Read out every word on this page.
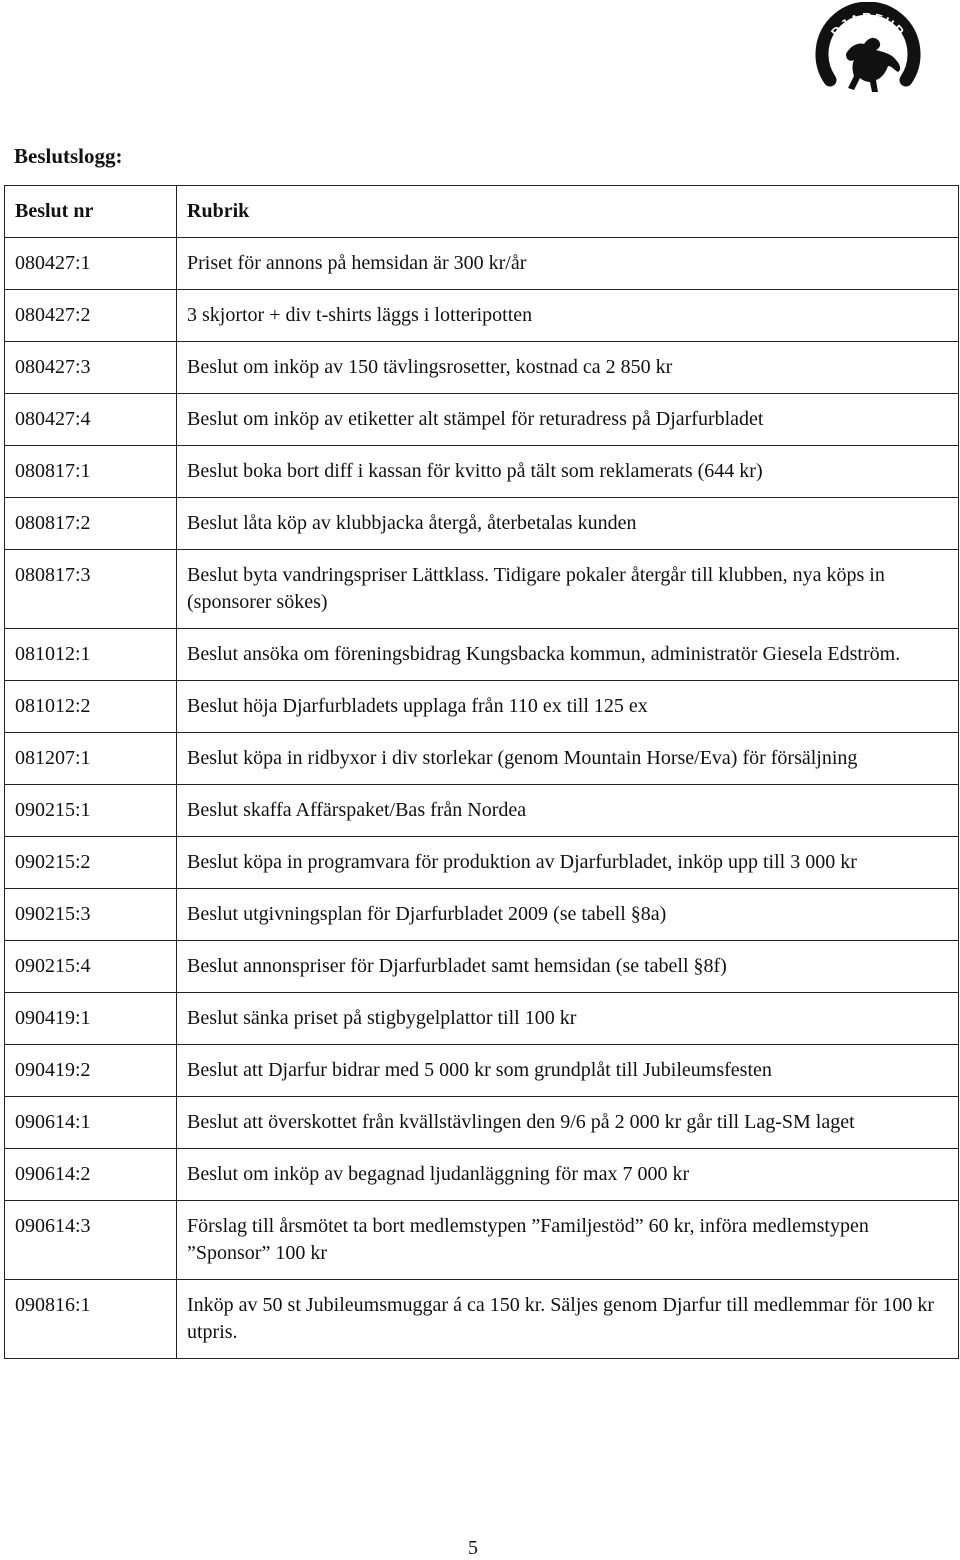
DJARFUR
Beslutslogg:
Beslut nr	Rubrik
080427:1	Priset för annons på hemsidan är 300 kr/år
080427:2	3 skjortor + div t-shirts läggs i lotteripotten
080427:3	Beslut om inköp av 150 tävlingsrosetter, kostnad ca 2 850 kr
080427:4	Beslut om inköp av etiketter alt stämpel för returadress på Djarfurbladet
080817:1	Beslut boka bort diff i kassan för kvitto på tält som reklamerats (644 kr)
080817:2	Beslut låta köp av klubbjacka återgå, återbetalas kunden
080817:3	Beslut byta vandringspriser Lättklass. Tidigare pokaler återgår till klubben, nya köps in (sponsorer sökes)
081012:1	Beslut ansöka om föreningsbidrag Kungsbacka kommun, administratör Giesela Edström.
081012:2	Beslut höja Djarfurbladets upplaga från 110 ex till 125 ex
081207:1	Beslut köpa in ridbyxor i div storlekar (genom Mountain Horse/Eva) för försäljning
090215:1	Beslut skaffa Affärspaket/Bas från Nordea
090215:2	Beslut köpa in programvara för produktion av Djarfurbladet, inköp upp till 3 000 kr
090215:3	Beslut utgivningsplan för Djarfurbladet 2009 (se tabell §8a)
090215:4	Beslut annonspriser för Djarfurbladet samt hemsidan (se tabell §8f)
090419:1	Beslut sänka priset på stigbygelplattor till 100 kr
090419:2	Beslut att Djarfur bidrar med 5 000 kr som grundplåt till Jubileumsfesten
090614:1	Beslut att överskottet från kvällstävlingen den 9/6 på 2 000 kr går till Lag-SM laget
090614:2	Beslut om inköp av begagnad ljudanläggning för max 7 000 kr
090614:3	Förslag till årsmötet ta bort medlemstypen ”Familjestöd” 60 kr, införa medlemstypen ”Sponsor” 100 kr
090816:1	Inköp av 50 st Jubileumsmuggar á ca 150 kr. Säljes genom Djarfur till medlemmar för 100 kr utpris.
5
